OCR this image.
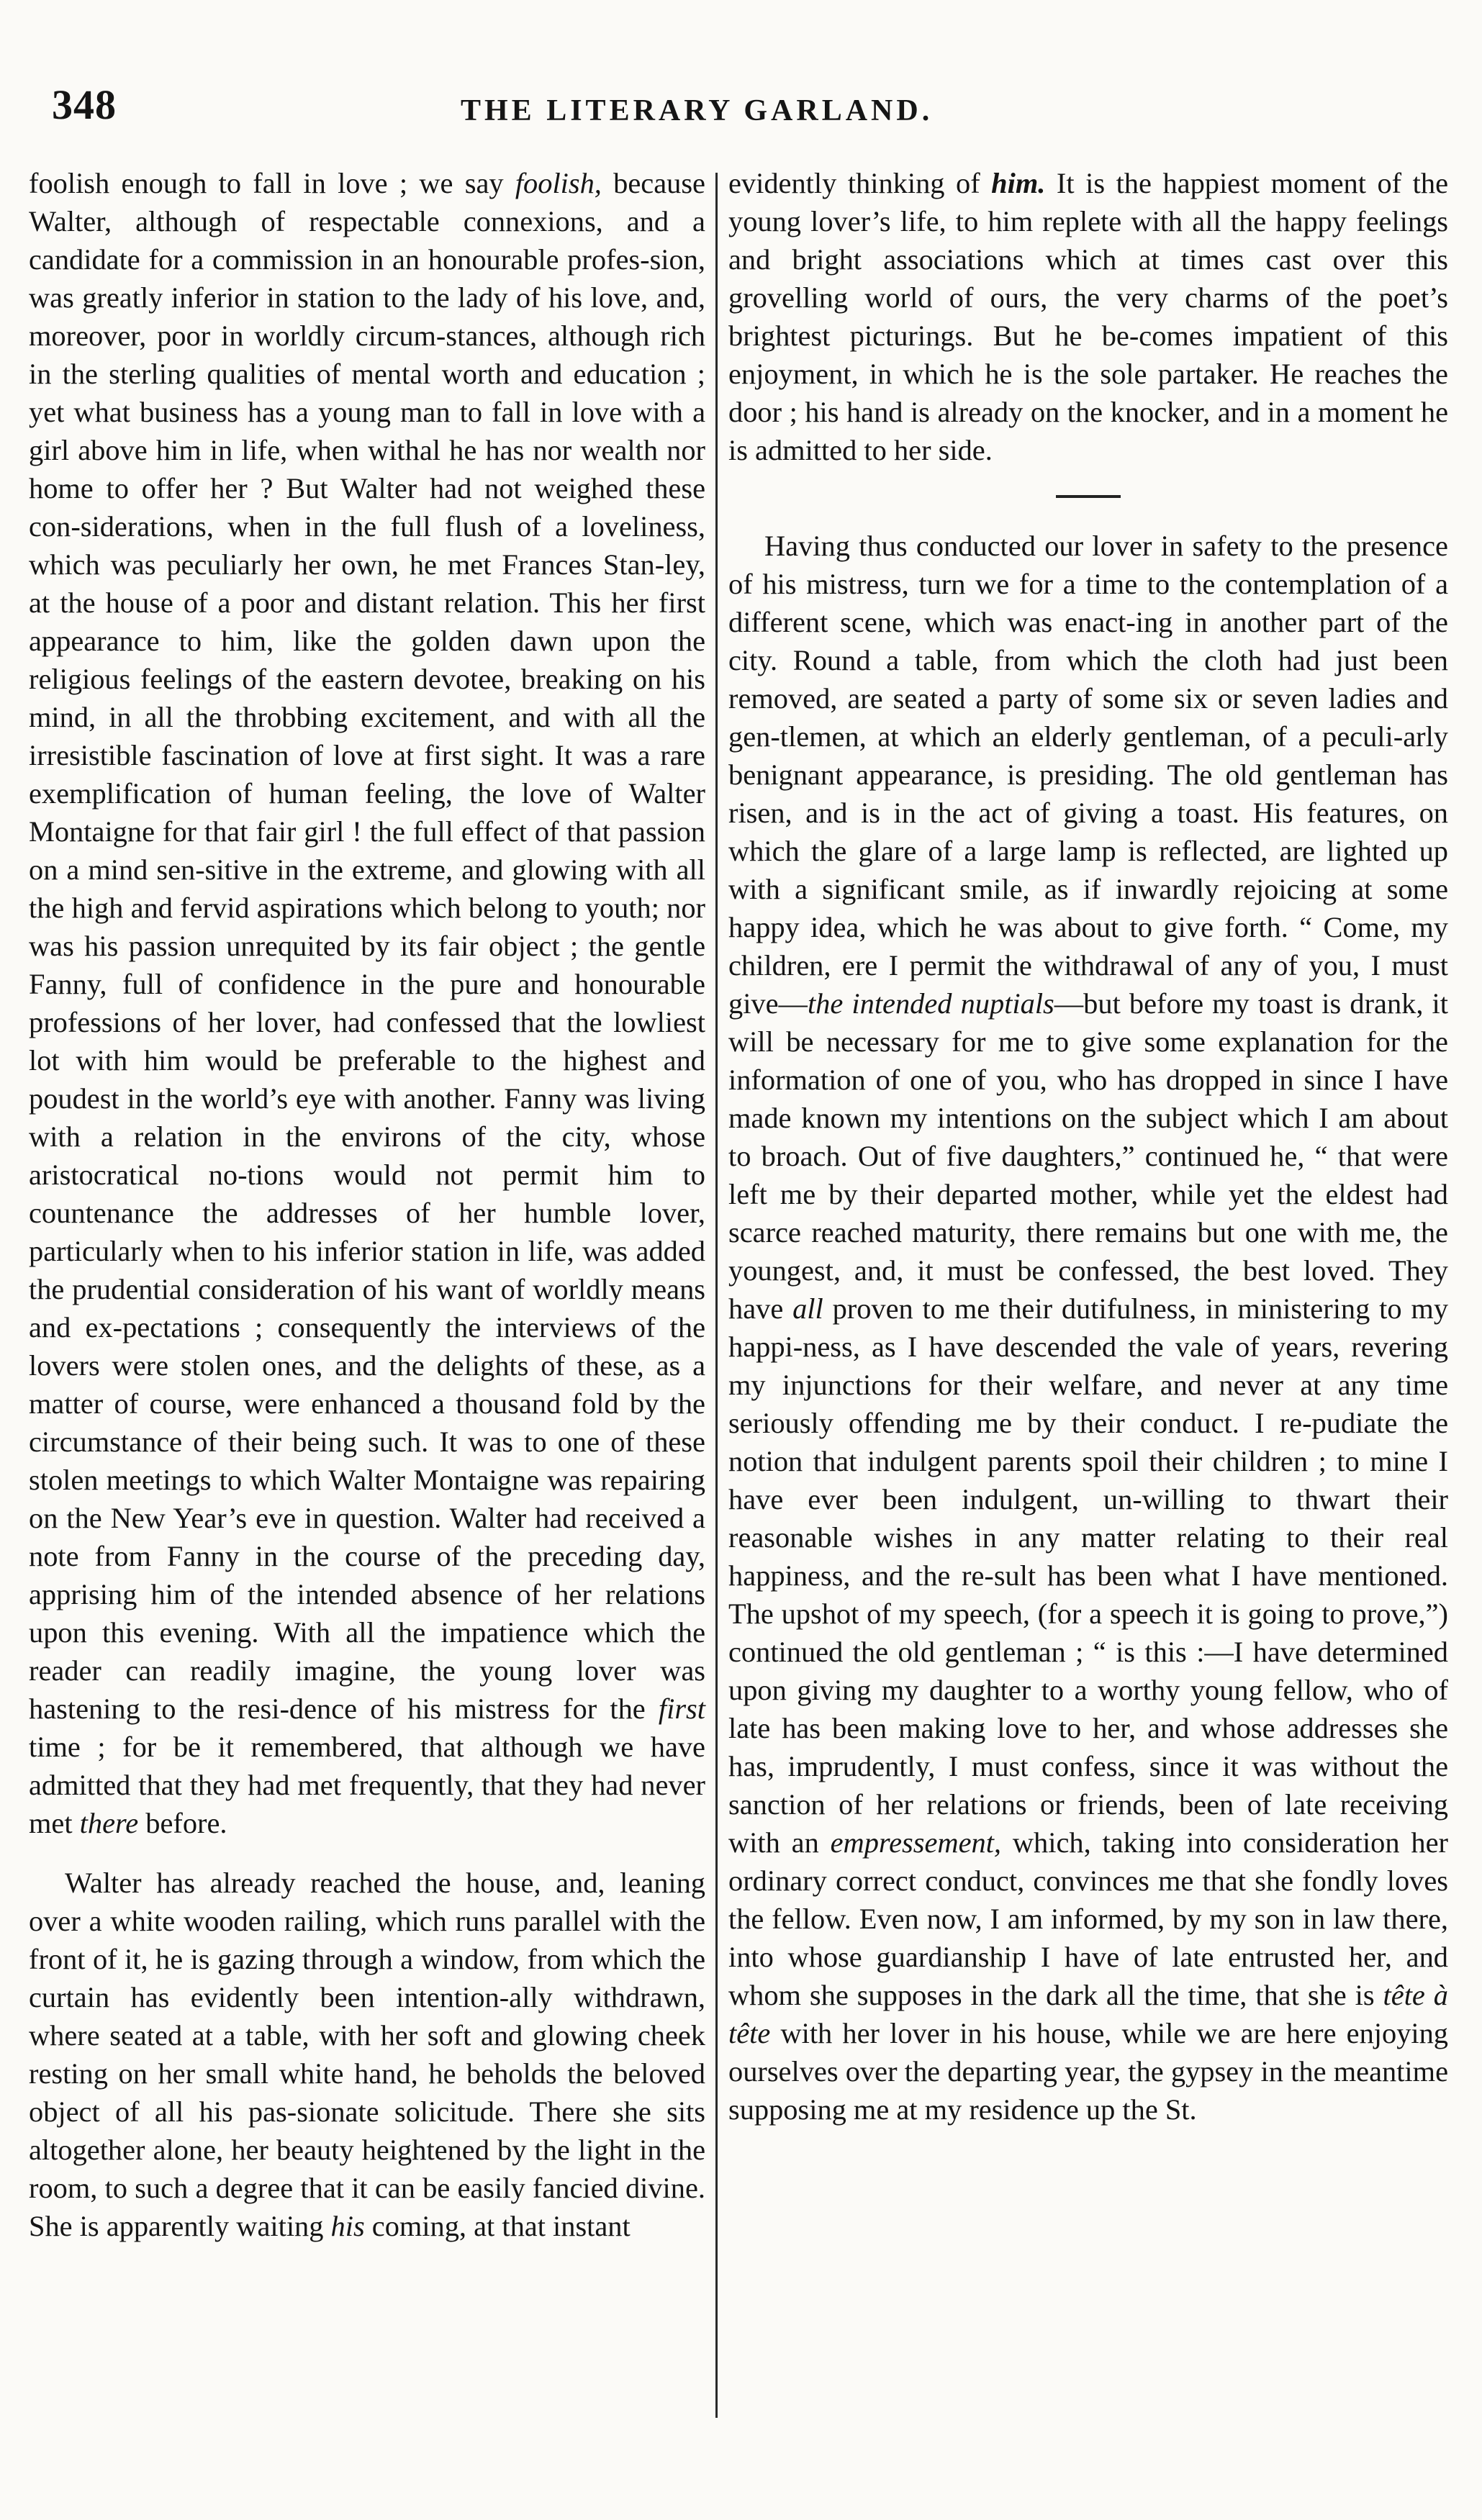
348	THE LITERARY GARLAND.

foolish enough to fall in love ; we say foolish, because Walter, although of respectable connexions, and a candidate for a commission in an honourable profes-sion, was greatly inferior in station to the lady of his love, and, moreover, poor in worldly circum-stances, although rich in the sterling qualities of mental worth and education ; yet what business has a young man to fall in love with a girl above him in life, when withal he has nor wealth nor home to offer her ? But Walter had not weighed these con-siderations, when in the full flush of a loveliness, which was peculiarly her own, he met Frances Stan-ley, at the house of a poor and distant relation. This her first appearance to him, like the golden dawn upon the religious feelings of the eastern devotee, breaking on his mind, in all the throbbing excitement, and with all the irresistible fascination of love at first sight. It was a rare exemplification of human feeling, the love of Walter Montaigne for that fair girl ! the full effect of that passion on a mind sen-sitive in the extreme, and glowing with all the high and fervid aspirations which belong to youth; nor was his passion unrequited by its fair object ; the gentle Fanny, full of confidence in the pure and honourable professions of her lover, had confessed that the lowliest lot with him would be preferable to the highest and poudest in the world’s eye with another. Fanny was living with a relation in the environs of the city, whose aristocratical no-tions would not permit him to countenance the addresses of her humble lover, particularly when to his inferior station in life, was added the prudential consideration of his want of worldly means and ex-pectations ; consequently the interviews of the lovers were stolen ones, and the delights of these, as a matter of course, were enhanced a thousand fold by the circumstance of their being such. It was to one of these stolen meetings to which Walter Montaigne was repairing on the New Year’s eve in question. Walter had received a note from Fanny in the course of the preceding day, apprising him of the intended absence of her relations upon this evening. With all the impatience which the reader can readily imagine, the young lover was hastening to the resi-dence of his mistress for the first time ; for be it remembered, that although we have admitted that they had met frequently, that they had never met there before.

Walter has already reached the house, and, leaning over a white wooden railing, which runs parallel with the front of it, he is gazing through a window, from which the curtain has evidently been intention-ally withdrawn, where seated at a table, with her soft and glowing cheek resting on her small white hand, he beholds the beloved object of all his pas-sionate solicitude. There she sits altogether alone, her beauty heightened by the light in the room, to such a degree that it can be easily fancied divine. She is apparently waiting his coming, at that instant

evidently thinking of him. It is the happiest moment of the young lover’s life, to him replete with all the happy feelings and bright associations which at times cast over this grovelling world of ours, the very charms of the poet’s brightest picturings. But he be-comes impatient of this enjoyment, in which he is the sole partaker. He reaches the door ; his hand is already on the knocker, and in a moment he is admitted to her side.

Having thus conducted our lover in safety to the presence of his mistress, turn we for a time to the contemplation of a different scene, which was enact-ing in another part of the city. Round a table, from which the cloth had just been removed, are seated a party of some six or seven ladies and gen-tlemen, at which an elderly gentleman, of a peculi-arly benignant appearance, is presiding. The old gentleman has risen, and is in the act of giving a toast. His features, on which the glare of a large lamp is reflected, are lighted up with a significant smile, as if inwardly rejoicing at some happy idea, which he was about to give forth. “ Come, my children, ere I permit the withdrawal of any of you, I must give—the intended nuptials—but before my toast is drank, it will be necessary for me to give some explanation for the information of one of you, who has dropped in since I have made known my intentions on the subject which I am about to broach. Out of five daughters,” continued he, “ that were left me by their departed mother, while yet the eldest had scarce reached maturity, there remains but one with me, the youngest, and, it must be confessed, the best loved. They have all proven to me their dutifulness, in ministering to my happi-ness, as I have descended the vale of years, revering my injunctions for their welfare, and never at any time seriously offending me by their conduct. I re-pudiate the notion that indulgent parents spoil their children ; to mine I have ever been indulgent, un-willing to thwart their reasonable wishes in any matter relating to their real happiness, and the re-sult has been what I have mentioned. The upshot of my speech, (for a speech it is going to prove,”) continued the old gentleman ; “ is this :—I have determined upon giving my daughter to a worthy young fellow, who of late has been making love to her, and whose addresses she has, imprudently, I must confess, since it was without the sanction of her relations or friends, been of late receiving with an empressement, which, taking into consideration her ordinary correct conduct, convinces me that she fondly loves the fellow. Even now, I am informed, by my son in law there, into whose guardianship I have of late entrusted her, and whom she supposes in the dark all the time, that she is tête à tête with her lover in his house, while we are here enjoying ourselves over the departing year, the gypsey in the meantime supposing me at my residence up the St.
